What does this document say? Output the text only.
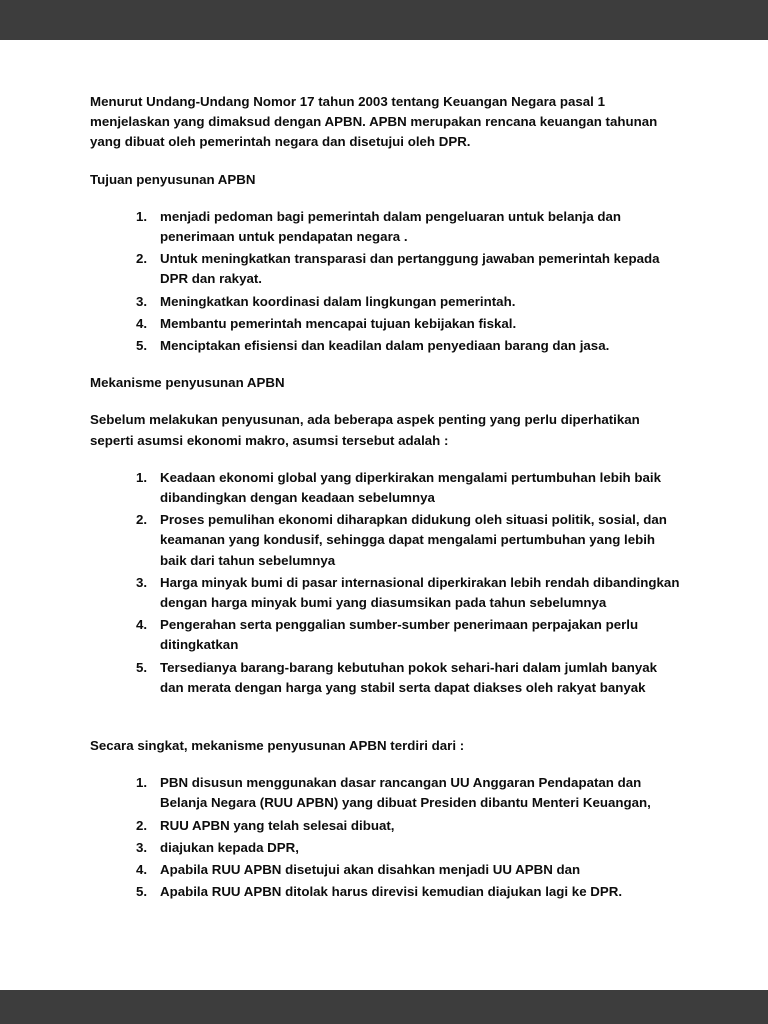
Menurut Undang-Undang Nomor 17 tahun 2003 tentang Keuangan Negara pasal 1 menjelaskan yang dimaksud dengan APBN. APBN merupakan rencana keuangan tahunan yang dibuat oleh pemerintah negara dan disetujui oleh DPR.

Tujuan penyusunan APBN

menjadi pedoman bagi pemerintah dalam pengeluaran untuk belanja dan penerimaan untuk pendapatan negara .
Untuk meningkatkan transparasi dan pertanggung jawaban pemerintah kepada DPR dan rakyat.
Meningkatkan koordinasi dalam lingkungan pemerintah.
Membantu pemerintah mencapai tujuan kebijakan fiskal.
Menciptakan efisiensi dan keadilan dalam penyediaan barang dan jasa.

Mekanisme penyusunan APBN

Sebelum melakukan penyusunan, ada beberapa aspek penting yang perlu diperhatikan seperti asumsi ekonomi makro, asumsi tersebut adalah :

Keadaan ekonomi global yang diperkirakan mengalami pertumbuhan lebih baik dibandingkan dengan keadaan sebelumnya
Proses pemulihan ekonomi diharapkan didukung oleh situasi politik, sosial, dan keamanan yang kondusif, sehingga dapat mengalami pertumbuhan yang lebih baik dari tahun sebelumnya
Harga minyak bumi di pasar internasional diperkirakan lebih rendah dibandingkan dengan harga minyak bumi yang diasumsikan pada tahun sebelumnya
Pengerahan serta penggalian sumber-sumber penerimaan perpajakan perlu ditingkatkan
Tersedianya barang-barang kebutuhan pokok sehari-hari dalam jumlah banyak dan merata dengan harga yang stabil serta dapat diakses oleh rakyat banyak

Secara singkat, mekanisme penyusunan APBN terdiri dari :

PBN disusun menggunakan dasar rancangan UU Anggaran Pendapatan dan Belanja Negara (RUU APBN) yang dibuat Presiden dibantu Menteri Keuangan,
RUU APBN yang telah selesai dibuat,
diajukan kepada DPR,
Apabila RUU APBN disetujui akan disahkan menjadi UU APBN dan
Apabila RUU APBN ditolak harus direvisi kemudian diajukan lagi ke DPR.
